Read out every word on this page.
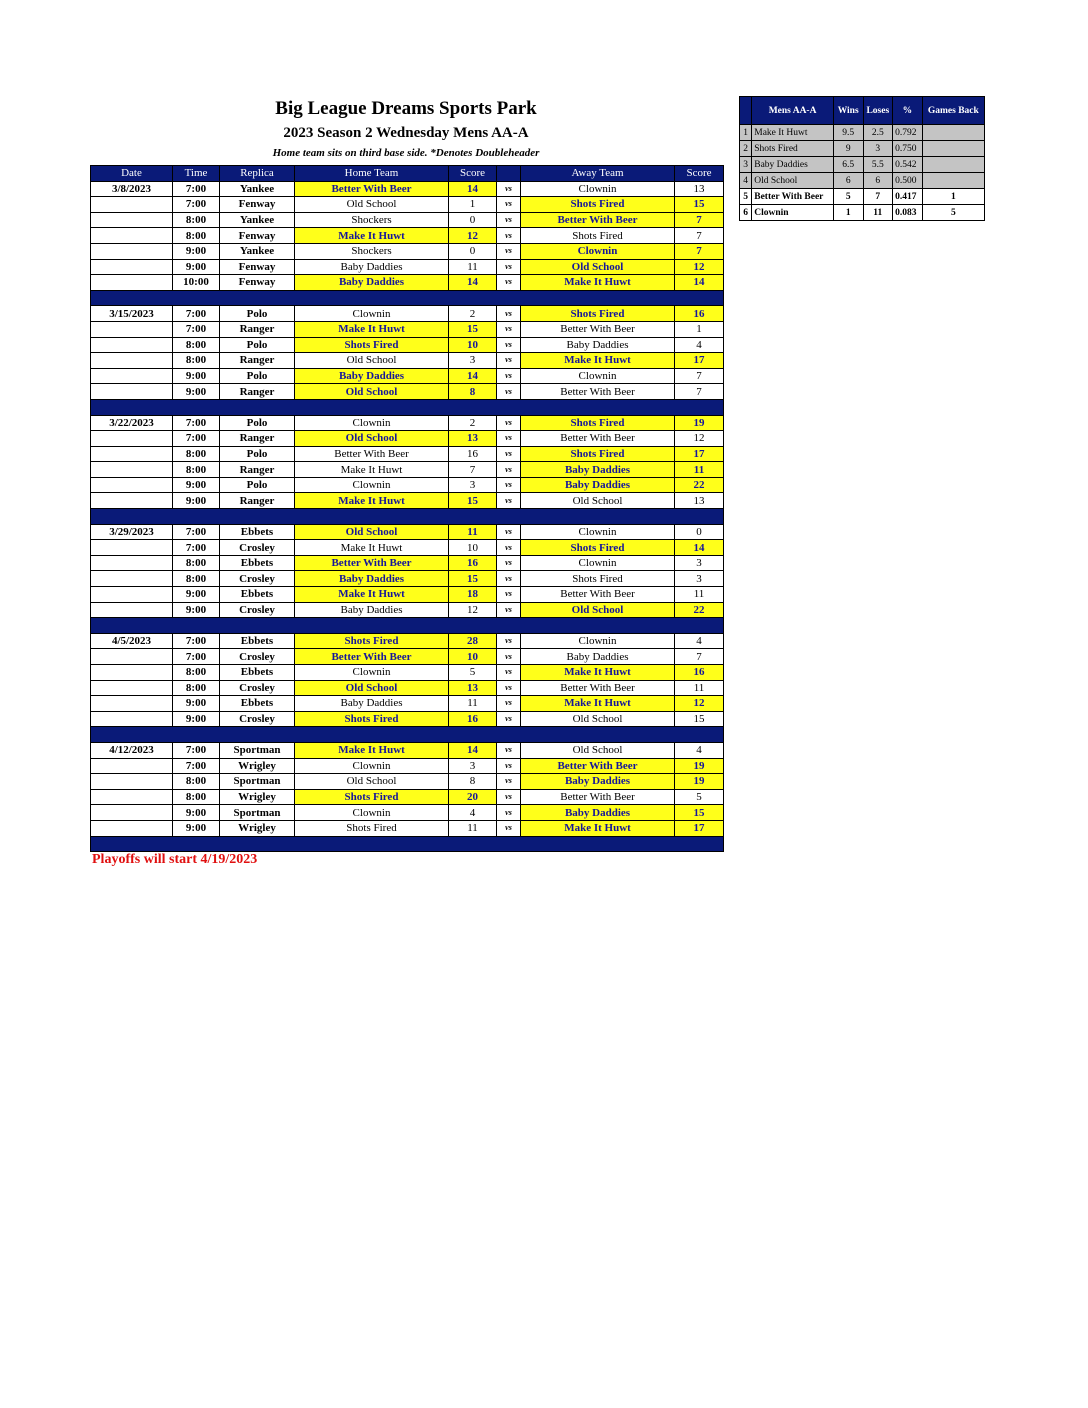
Big League Dreams Sports Park
2023 Season 2 Wednesday Mens AA-A
Home team sits on third base side. *Denotes Doubleheader
Date	Time	Replica	Home Team	Score		Away Team	Score
3/8/2023	7:00	Yankee	Better With Beer	14	vs	Clownin	13
	7:00	Fenway	Old School	1	vs	Shots Fired	15
	8:00	Yankee	Shockers	0	vs	Better With Beer	7
	8:00	Fenway	Make It Huwt	12	vs	Shots Fired	7
	9:00	Yankee	Shockers	0	vs	Clownin	7
	9:00	Fenway	Baby Daddies	11	vs	Old School	12
	10:00	Fenway	Baby Daddies	14	vs	Make It Huwt	14

3/15/2023	7:00	Polo	Clownin	2	vs	Shots Fired	16
	7:00	Ranger	Make It Huwt	15	vs	Better With Beer	1
	8:00	Polo	Shots Fired	10	vs	Baby Daddies	4
	8:00	Ranger	Old School	3	vs	Make It Huwt	17
	9:00	Polo	Baby Daddies	14	vs	Clownin	7
	9:00	Ranger	Old School	8	vs	Better With Beer	7

3/22/2023	7:00	Polo	Clownin	2	vs	Shots Fired	19
	7:00	Ranger	Old School	13	vs	Better With Beer	12
	8:00	Polo	Better With Beer	16	vs	Shots Fired	17
	8:00	Ranger	Make It Huwt	7	vs	Baby Daddies	11
	9:00	Polo	Clownin	3	vs	Baby Daddies	22
	9:00	Ranger	Make It Huwt	15	vs	Old School	13

3/29/2023	7:00	Ebbets	Old School	11	vs	Clownin	0
	7:00	Crosley	Make It Huwt	10	vs	Shots Fired	14
	8:00	Ebbets	Better With Beer	16	vs	Clownin	3
	8:00	Crosley	Baby Daddies	15	vs	Shots Fired	3
	9:00	Ebbets	Make It Huwt	18	vs	Better With Beer	11
	9:00	Crosley	Baby Daddies	12	vs	Old School	22

4/5/2023	7:00	Ebbets	Shots Fired	28	vs	Clownin	4
	7:00	Crosley	Better With Beer	10	vs	Baby Daddies	7
	8:00	Ebbets	Clownin	5	vs	Make It Huwt	16
	8:00	Crosley	Old School	13	vs	Better With Beer	11
	9:00	Ebbets	Baby Daddies	11	vs	Make It Huwt	12
	9:00	Crosley	Shots Fired	16	vs	Old School	15

4/12/2023	7:00	Sportman	Make It Huwt	14	vs	Old School	4
	7:00	Wrigley	Clownin	3	vs	Better With Beer	19
	8:00	Sportman	Old School	8	vs	Baby Daddies	19
	8:00	Wrigley	Shots Fired	20	vs	Better With Beer	5
	9:00	Sportman	Clownin	4	vs	Baby Daddies	15
	9:00	Wrigley	Shots Fired	11	vs	Make It Huwt	17

	Mens AA-A	Wins	Loses	%	Games Back
1	Make It Huwt	9.5	2.5	0.792	
2	Shots Fired	9	3	0.750	
3	Baby Daddies	6.5	5.5	0.542	
4	Old School	6	6	0.500	
5	Better With Beer	5	7	0.417	1
6	Clownin	1	11	0.083	5
Playoffs will start 4/19/2023
